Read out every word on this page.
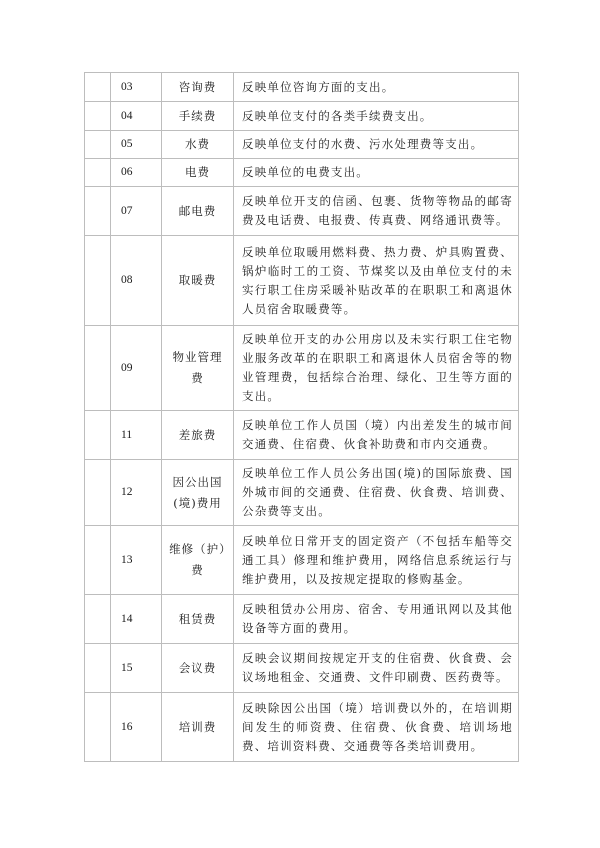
	03	咨询费	反映单位咨询方面的支出。
	04	手续费	反映单位支付的各类手续费支出。
	05	水费	反映单位支付的水费、污水处理费等支出。
	06	电费	反映单位的电费支出。
	07	邮电费	反映单位开支的信函、包裹、货物等物品的邮寄费及电话费、电报费、传真费、网络通讯费等。
	08	取暖费	反映单位取暖用燃料费、热力费、炉具购置费、锅炉临时工的工资、节煤奖以及由单位支付的未实行职工住房采暖补贴改革的在职职工和离退休人员宿舍取暖费等。
	09	物业管理费	反映单位开支的办公用房以及未实行职工住宅物业服务改革的在职职工和离退休人员宿舍等的物业管理费，包括综合治理、绿化、卫生等方面的支出。
	11	差旅费	反映单位工作人员国（境）内出差发生的城市间交通费、住宿费、伙食补助费和市内交通费。
	12	因公出国(境)费用	反映单位工作人员公务出国(境)的国际旅费、国外城市间的交通费、住宿费、伙食费、培训费、公杂费等支出。
	13	维修（护）费	反映单位日常开支的固定资产（不包括车船等交通工具）修理和维护费用，网络信息系统运行与维护费用，以及按规定提取的修购基金。
	14	租赁费	反映租赁办公用房、宿舍、专用通讯网以及其他设备等方面的费用。
	15	会议费	反映会议期间按规定开支的住宿费、伙食费、会议场地租金、交通费、文件印刷费、医药费等。
	16	培训费	反映除因公出国（境）培训费以外的，在培训期间发生的师资费、住宿费、伙食费、培训场地费、培训资料费、交通费等各类培训费用。
